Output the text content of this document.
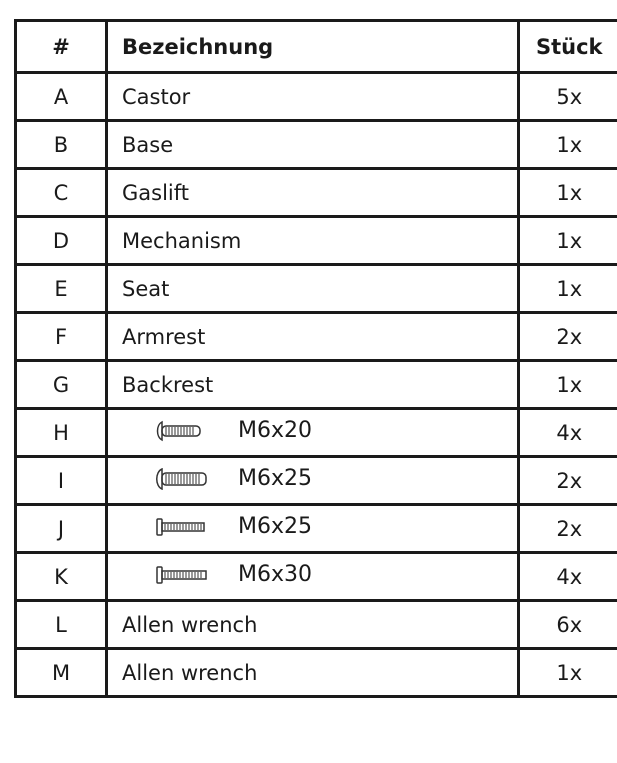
#	Bezeichnung	Stück
A	Castor	5x
B	Base	1x
C	Gaslift	1x
D	Mechanism	1x
E	Seat	1x
F	Armrest	2x
G	Backrest	1x
H	M6x20	4x
I	M6x25	2x
J	M6x25	2x
K	M6x30	4x
L	Allen wrench	6x
M	Allen wrench	1x
